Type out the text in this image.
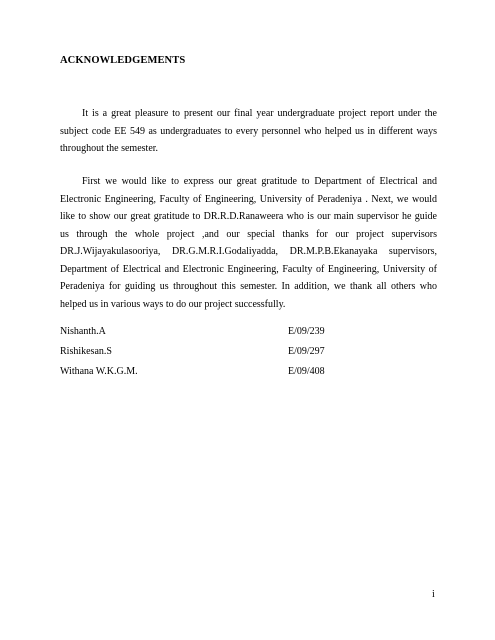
ACKNOWLEDGEMENTS

It is a great pleasure to present our final year undergraduate project report under the subject code EE 549 as undergraduates to every personnel who helped us in different ways throughout the semester.

First we would like to express our great gratitude to Department of Electrical and Electronic Engineering, Faculty of Engineering, University of Peradeniya . Next, we would like to show our great gratitude to DR.R.D.Ranaweera who is our main supervisor he guide us through the whole project ,and our special thanks for our project supervisors DR.J.Wijayakulasooriya, DR.G.M.R.I.Godaliyadda, DR.M.P.B.Ekanayaka supervisors, Department of Electrical and Electronic Engineering, Faculty of Engineering, University of Peradeniya for guiding us throughout this semester. In addition, we thank all others who helped us in various ways to do our project successfully.

Nishanth.A	E/09/239
Rishikesan.S	E/09/297
Withana W.K.G.M.	E/09/408
i
